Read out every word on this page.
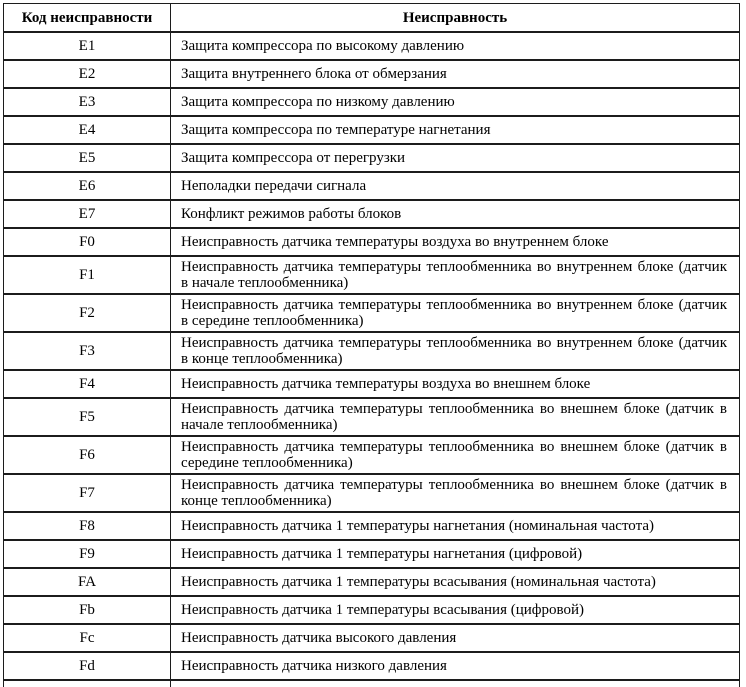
Код неисправности	Неисправность
E1	Защита компрессора по высокому давлению
E2	Защита внутреннего блока от обмерзания
E3	Защита компрессора по низкому давлению
E4	Защита компрессора по температуре нагнетания
E5	Защита компрессора от перегрузки
E6	Неполадки передачи сигнала
E7	Конфликт режимов работы блоков
F0	Неисправность датчика температуры воздуха во внутреннем блоке
F1	Неисправность датчика температуры теплообменника во внутреннем блоке (датчик в начале теплообменника)
F2	Неисправность датчика температуры теплообменника во внутреннем блоке (датчик в середине теплообменника)
F3	Неисправность датчика температуры теплообменника во внутреннем блоке (датчик в конце теплообменника)
F4	Неисправность датчика температуры воздуха во внешнем блоке
F5	Неисправность датчика температуры теплообменника во внешнем блоке (датчик в начале теплообменника)
F6	Неисправность датчика температуры теплообменника во внешнем блоке (датчик в середине теплообменника)
F7	Неисправность датчика температуры теплообменника во внешнем блоке (датчик в конце теплообменника)
F8	Неисправность датчика 1 температуры нагнетания (номинальная частота)
F9	Неисправность датчика 1 температуры нагнетания (цифровой)
FA	Неисправность датчика 1 температуры всасывания (номинальная частота)
Fb	Неисправность датчика 1 температуры всасывания (цифровой)
Fc	Неисправность датчика высокого давления
Fd	Неисправность датчика низкого давления
